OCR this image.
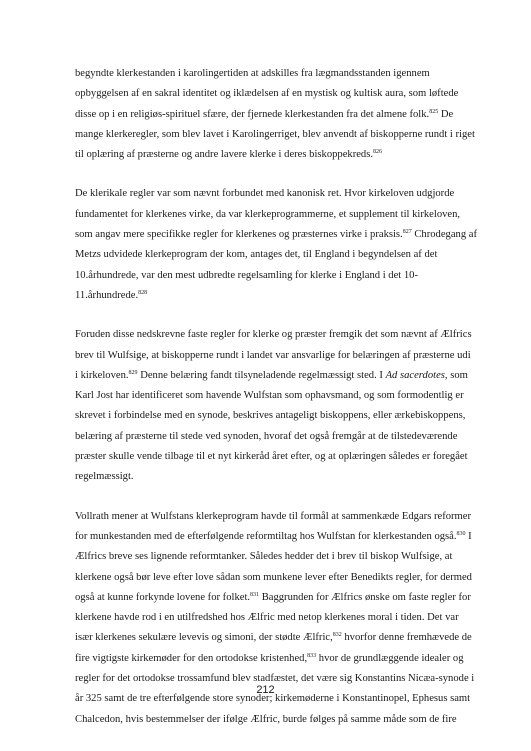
begyndte klerkestanden i karolingertiden at adskilles fra lægmandsstanden igennem
opbyggelsen af en sakral identitet og iklædelsen af en mystisk og kultisk aura, som løftede
disse op i en religiøs-spirituel sfære, der fjernede klerkestanden fra det almene folk.$^{825}$ De
mange klerkeregler, som blev lavet i Karolingerriget, blev anvendt af biskopperne rundt i riget
til oplæring af præsterne og andre lavere klerke i deres biskoppekreds.$^{826}$

De klerikale regler var som nævnt forbundet med kanonisk ret. Hvor kirkeloven udgjorde
fundamentet for klerkenes virke, da var klerkeprogrammerne, et supplement til kirkeloven,
som angav mere specifikke regler for klerkenes og præsternes virke i praksis.$^{827}$ Chrodegang af
Metzs udvidede klerkeprogram der kom, antages det, til England i begyndelsen af det
10.århundrede, var den mest udbredte regelsamling for klerke i England i det 10-
11.århundrede.$^{828}$

Foruden disse nedskrevne faste regler for klerke og præster fremgik det som nævnt af Ælfrics
brev til Wulfsige, at biskopperne rundt i landet var ansvarlige for belæringen af præsterne udi
i kirkeloven.$^{829}$ Denne belæring fandt tilsyneladende regelmæssigt sted. I Ad sacerdotes, som
Karl Jost har identificeret som havende Wulfstan som ophavsmand, og som formodentlig er
skrevet i forbindelse med en synode, beskrives antageligt biskoppens, eller ærkebiskoppens,
belæring af præsterne til stede ved synoden, hvoraf det også fremgår at de tilstedeværende
præster skulle vende tilbage til et nyt kirkeråd året efter, og at oplæringen således er foregået
regelmæssigt.

Vollrath mener at Wulfstans klerkeprogram havde til formål at sammenkæde Edgars reformer
for munkestanden med de efterfølgende reformtiltag hos Wulfstan for klerkestanden også.$^{830}$ I
Ælfrics breve ses lignende reformtanker. Således hedder det i brev til biskop Wulfsige, at
klerkene også bør leve efter love sådan som munkene lever efter Benedikts regler, for dermed
også at kunne forkynde lovene for folket.$^{831}$ Baggrunden for Ælfrics ønske om faste regler for
klerkene havde rod i en utilfredshed hos Ælfric med netop klerkenes moral i tiden. Det var
især klerkenes sekulære levevis og simoni, der stødte Ælfric,$^{832}$ hvorfor denne fremhævede de
fire vigtigste kirkemøder for den ortodokse kristenhed,$^{833}$ hvor de grundlæggende idealer og
regler for det ortodokse trossamfund blev stadfæstet, det være sig Konstantins Nicæa-synode i
år 325 samt de tre efterfølgende store synoder; kirkemøderne i Konstantinopel, Ephesus samt
Chalcedon, hvis bestemmelser der ifølge Ælfric, burde følges på samme måde som de fire

212
